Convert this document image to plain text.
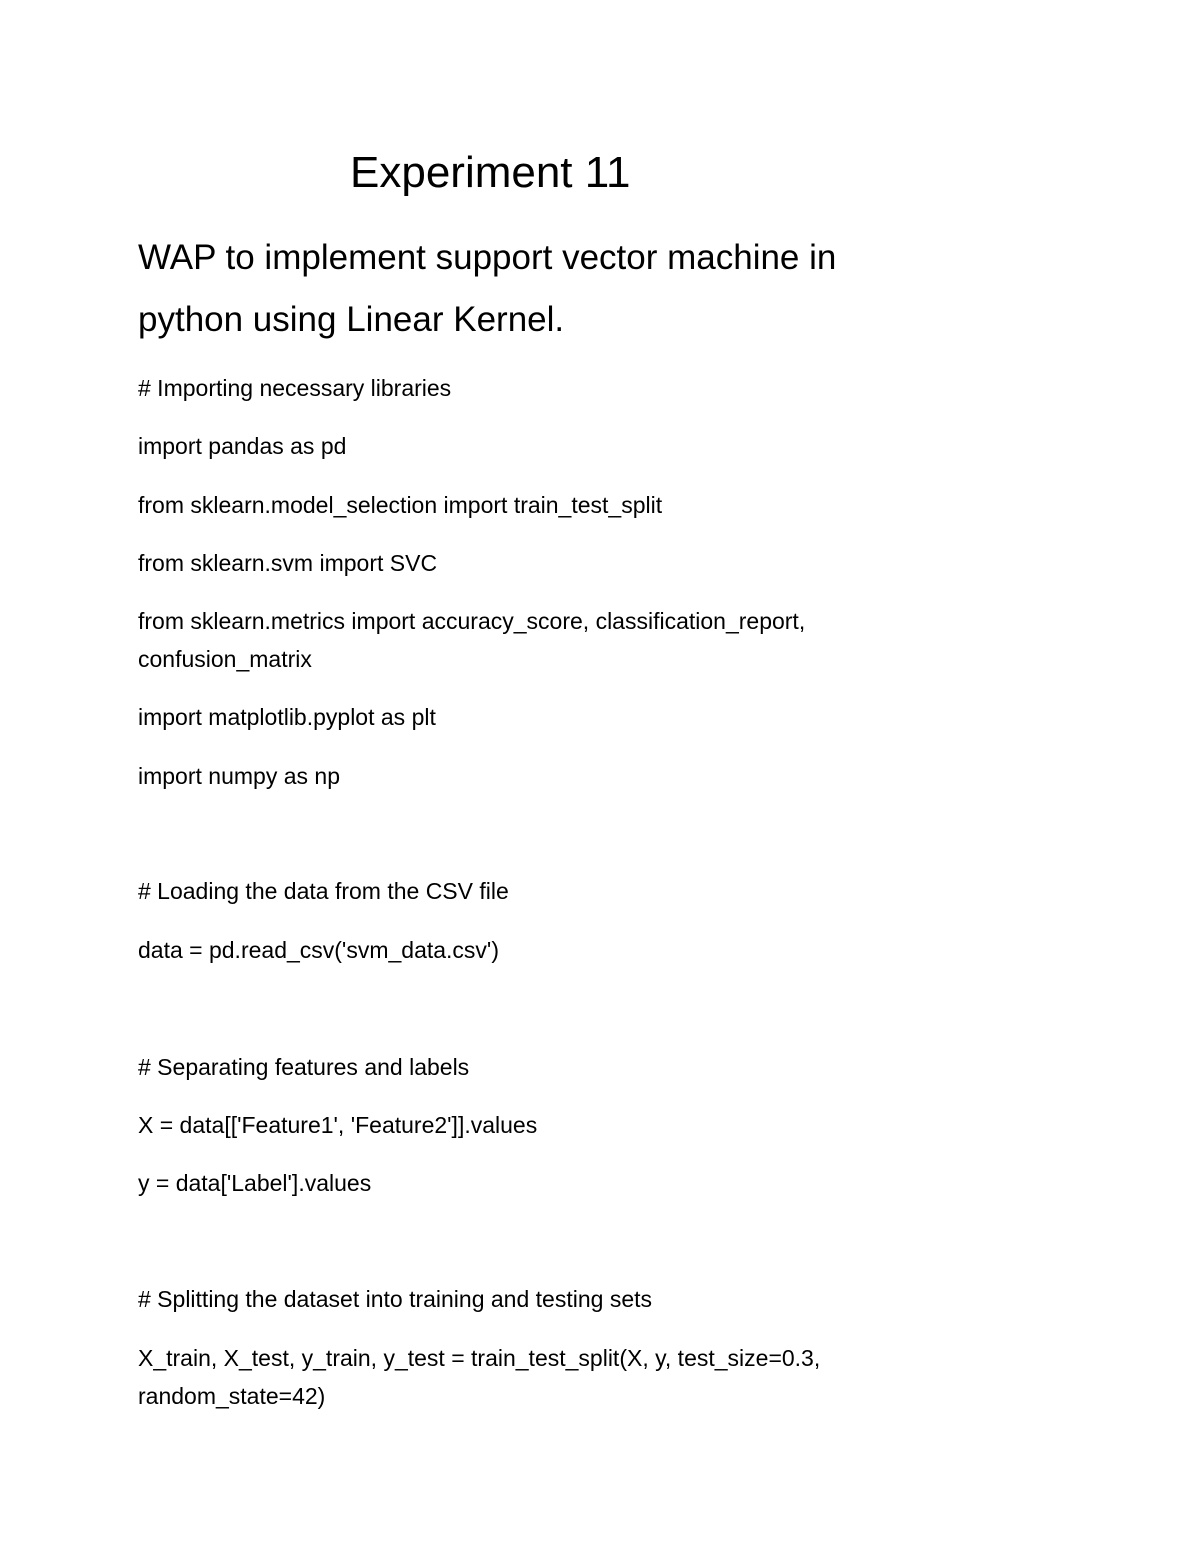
Experiment 11
WAP to implement support vector machine in
python using Linear Kernel.
# Importing necessary libraries
import pandas as pd
from sklearn.model_selection import train_test_split
from sklearn.svm import SVC
from sklearn.metrics import accuracy_score, classification_report,
confusion_matrix
import matplotlib.pyplot as plt
import numpy as np
# Loading the data from the CSV file
data = pd.read_csv('svm_data.csv')
# Separating features and labels
X = data[['Feature1', 'Feature2']].values
y = data['Label'].values
# Splitting the dataset into training and testing sets
X_train, X_test, y_train, y_test = train_test_split(X, y, test_size=0.3,
random_state=42)
